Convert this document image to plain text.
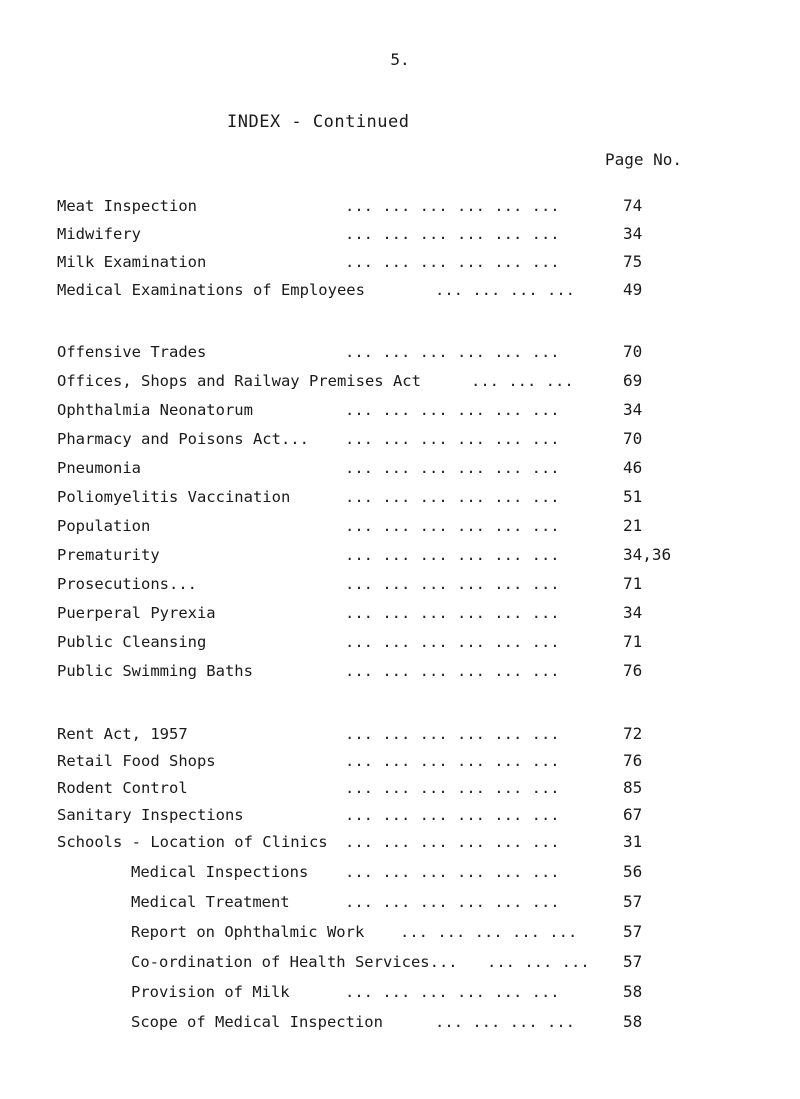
5.
INDEX - Continued
Page No.
Meat Inspection	... ... ... ... ... ...	74
Midwifery	... ... ... ... ... ...	34
Milk Examination	... ... ... ... ... ...	75
Medical Examinations of Employees	... ... ... ...	49
Offensive Trades	... ... ... ... ... ...	70
Offices, Shops and Railway Premises Act	... ... ...	69
Ophthalmia Neonatorum	... ... ... ... ... ...	34
Pharmacy and Poisons Act... ... ... ... ... ... ...	70
Pneumonia	... ... ... ... ... ...	46
Poliomyelitis Vaccination	... ... ... ... ... ...	51
Population	... ... ... ... ... ...	21
Prematurity	... ... ... ... ... ...	34,36
Prosecutions...	... ... ... ... ... ...	71
Puerperal Pyrexia	... ... ... ... ... ...	34
Public Cleansing	... ... ... ... ... ...	71
Public Swimming Baths	... ... ... ... ... ...	76
Rent Act, 1957	... ... ... ... ... ...	72
Retail Food Shops	... ... ... ... ... ...	76
Rodent Control	... ... ... ... ... ...	85
Sanitary Inspections	... ... ... ... ... ...	67
Schools - Location of Clinics ... ... ... ... ... ...	31
Medical Inspections ... ... ... ... ... ...	56
Medical Treatment	... ... ... ... ... ...	57
Report on Ophthalmic Work ... ... ... ... ...	57
Co-ordination of Health Services... ... ... ... 57
Provision of Milk	... ... ... ... ... ...	58
Scope of Medical Inspection	... ... ... ...	58
